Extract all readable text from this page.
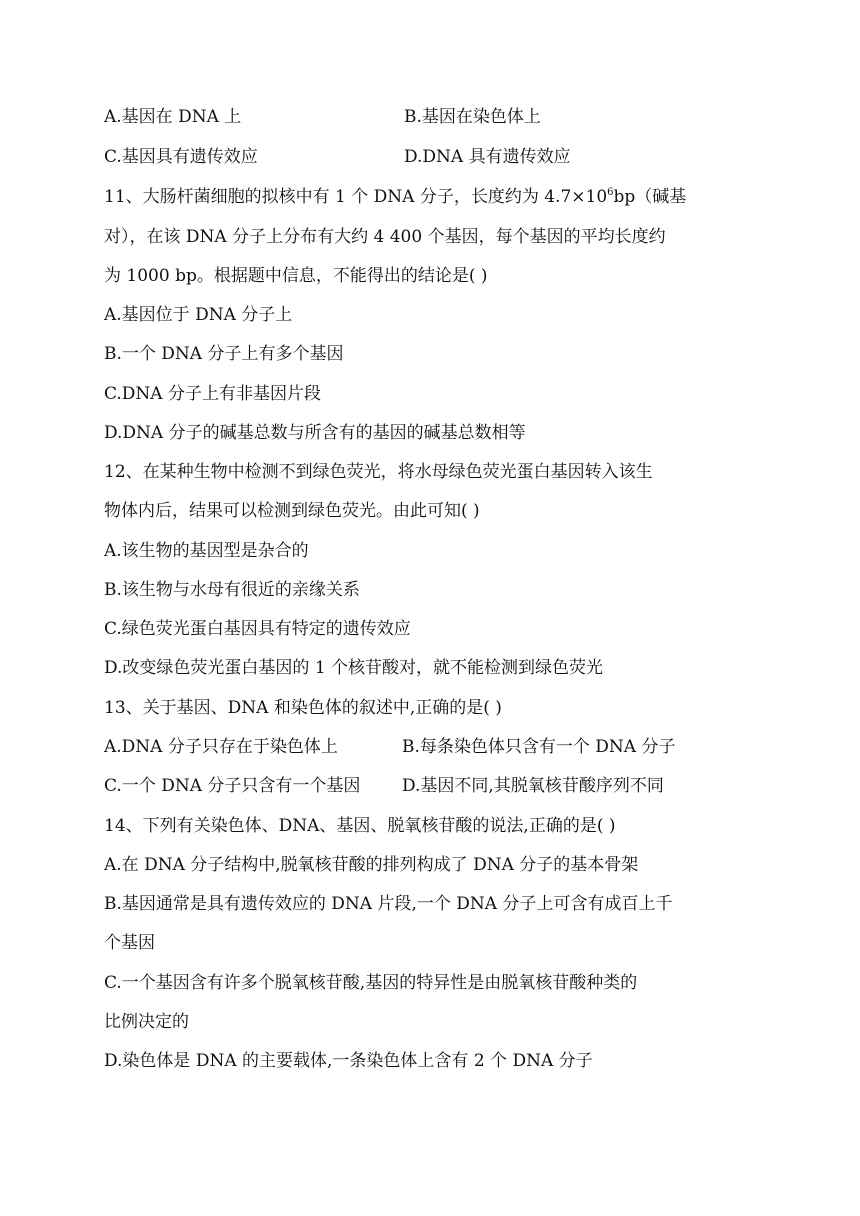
A.基因在 DNA 上	B.基因在染色体上
C.基因具有遗传效应	D.DNA 具有遗传效应
11、大肠杆菌细胞的拟核中有 1 个 DNA 分子，长度约为 $4.7\times 10^6bp$（碱基
对），在该 DNA 分子上分布有大约 4 400 个基因，每个基因的平均长度约
为 1000 bp。根据题中信息，不能得出的结论是( )
A.基因位于 DNA 分子上
B.一个 DNA 分子上有多个基因
C.DNA 分子上有非基因片段
D.DNA 分子的碱基总数与所含有的基因的碱基总数相等
12、在某种生物中检测不到绿色荧光，将水母绿色荧光蛋白基因转入该生
物体内后，结果可以检测到绿色荧光。由此可知( )
A.该生物的基因型是杂合的
B.该生物与水母有很近的亲缘关系
C.绿色荧光蛋白基因具有特定的遗传效应
D.改变绿色荧光蛋白基因的 1 个核苷酸对，就不能检测到绿色荧光
13、关于基因、DNA 和染色体的叙述中,正确的是( )
A.DNA 分子只存在于染色体上	B.每条染色体只含有一个 DNA 分子
C.一个 DNA 分子只含有一个基因 D.基因不同,其脱氧核苷酸序列不同
14、下列有关染色体、DNA、基因、脱氧核苷酸的说法,正确的是( )
A.在 DNA 分子结构中,脱氧核苷酸的排列构成了 DNA 分子的基本骨架
B.基因通常是具有遗传效应的 DNA 片段,一个 DNA 分子上可含有成百上千
个基因
C.一个基因含有许多个脱氧核苷酸,基因的特异性是由脱氧核苷酸种类的
比例决定的
D.染色体是 DNA 的主要载体,一条染色体上含有 2 个 DNA 分子
